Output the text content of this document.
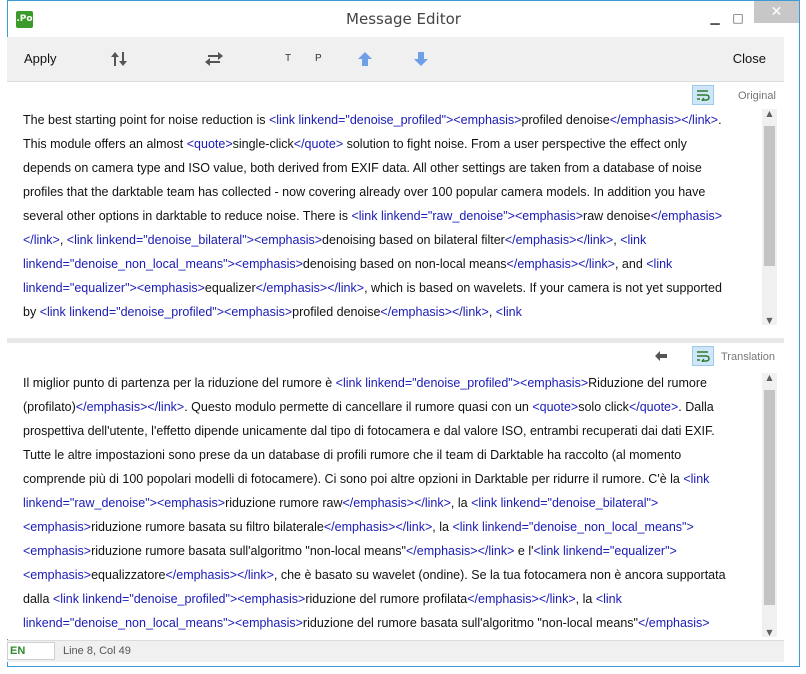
.Po	Message Editor	▁	□	✕
Apply	T P	Close
Original
The best starting point for noise reduction is <link linkend="denoise_profiled"><emphasis>profiled denoise</emphasis></link>.
This module offers an almost <quote>single-click</quote> solution to fight noise. From a user perspective the effect only
depends on camera type and ISO value, both derived from EXIF data. All other settings are taken from a database of noise
profiles that the darktable team has collected - now covering already over 100 popular camera models. In addition you have
several other options in darktable to reduce noise. There is <link linkend="raw_denoise"><emphasis>raw denoise</emphasis>
</link>, <link linkend="denoise_bilateral"><emphasis>denoising based on bilateral filter</emphasis></link>, <link
linkend="denoise_non_local_means"><emphasis>denoising based on non-local means</emphasis></link>, and <link
linkend="equalizer"><emphasis>equalizer</emphasis></link>, which is based on wavelets. If your camera is not yet supported
by <link linkend="denoise_profiled"><emphasis>profiled denoise</emphasis></link>, <link
▲
▼
Translation
Il miglior punto di partenza per la riduzione del rumore è <link linkend="denoise_profiled"><emphasis>Riduzione del rumore
(profilato)</emphasis></link>. Questo modulo permette di cancellare il rumore quasi con un <quote>solo click</quote>. Dalla
prospettiva dell'utente, l'effetto dipende unicamente dal tipo di fotocamera e dal valore ISO, entrambi recuperati dai dati EXIF.
Tutte le altre impostazioni sono prese da un database di profili rumore che il team di Darktable ha raccolto (al momento
comprende più di 100 popolari modelli di fotocamere). Ci sono poi altre opzioni in Darktable per ridurre il rumore. C'è la <link
linkend="raw_denoise"><emphasis>riduzione rumore raw</emphasis></link>, la <link linkend="denoise_bilateral">
<emphasis>riduzione rumore basata su filtro bilaterale</emphasis></link>, la <link linkend="denoise_non_local_means">
<emphasis>riduzione rumore basata sull'algoritmo "non-local means"</emphasis></link> e l'<link linkend="equalizer">
<emphasis>equalizzatore</emphasis></link>, che è basato su wavelet (ondine). Se la tua fotocamera non è ancora supportata
dalla <link linkend="denoise_profiled"><emphasis>riduzione del rumore profilata</emphasis></link>, la <link
linkend="denoise_non_local_means"><emphasis>riduzione del rumore basata sull'algoritmo "non-local means"</emphasis>
▲
▼
EN	Line 8, Col 49
